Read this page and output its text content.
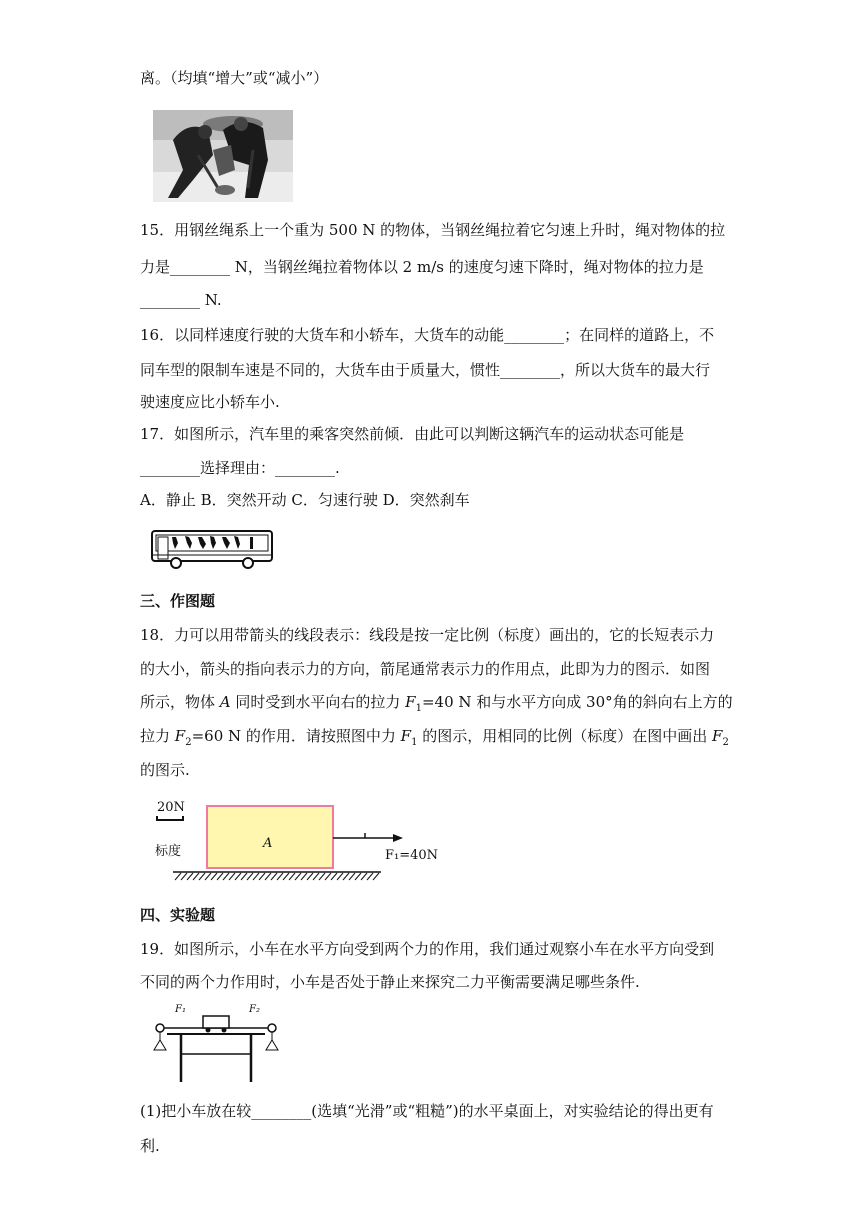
离。（均填“增大”或“减小”）
15．用钢丝绳系上一个重为 500 N 的物体，当钢丝绳拉着它匀速上升时，绳对物体的拉
力是________ N，当钢丝绳拉着物体以 2 m/s 的速度匀速下降时，绳对物体的拉力是
________ N.
16．以同样速度行驶的大货车和小轿车，大货车的动能________；在同样的道路上，不
同车型的限制车速是不同的，大货车由于质量大，惯性________，所以大货车的最大行
驶速度应比小轿车小.
17．如图所示，汽车里的乘客突然前倾．由此可以判断这辆汽车的运动状态可能是
________选择理由：________.
A．静止 B．突然开动 C．匀速行驶 D．突然刹车
三、作图题
18．力可以用带箭头的线段表示：线段是按一定比例（标度）画出的，它的长短表示力
的大小，箭头的指向表示力的方向，箭尾通常表示力的作用点，此即为力的图示．如图
所示，物体 A 同时受到水平向右的拉力 $F_1=40$ N 和与水平方向成 30°角的斜向右上方的
拉力 $F_2=60$ N 的作用．请按照图中力 $F_1$ 的图示，用相同的比例（标度）在图中画出 $F_2$
的图示.
20N
标度
A
F₁=40N
四、实验题
19．如图所示，小车在水平方向受到两个力的作用，我们通过观察小车在水平方向受到
不同的两个力作用时，小车是否处于静止来探究二力平衡需要满足哪些条件.
F₁	F₂
(1)把小车放在较________(选填“光滑”或“粗糙”)的水平桌面上，对实验结论的得出更有
利.
